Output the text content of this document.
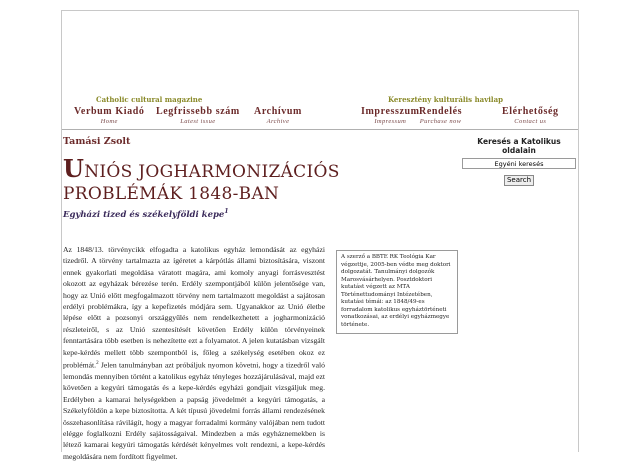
Catholic cultural magazine	Keresztény kulturális havilap
Verbum Kiadó
Home
Legfrissebb szám
Latest issue
Archívum
Archive
Impresszum
Impressum
Rendelés
Purchase now
Elérhetőség
Contact us
Tamási Zsolt
UNIÓS JOGHARMONIZÁCIÓS
PROBLÉMÁK 1848-BAN
Egyházi tized és székelyföldi kepe$^1$
Keresés a Katolikus oldalain
Egyéni keresés Search
A szerző a BBTE RK Teológia Kar végzettje, 2005-ben védte meg doktori dolgozatát. Tanulmányi dolgozók Marosvásárhelyen. Posztdoktori kutatást végzett az MTA Történettudományi Intézetében, kutatási témái: az 1848/49-es forradalom katolikus egyháztörténeti vonatkozásai, az erdélyi egyházmegye története.
Az 1848/13. törvénycikk elfogadta a katolikus egyház lemondását az egyházi tizedről. A törvény tartalmazta az ígéretet a kárpótlás állami biztosítására, viszont ennek gyakorlati megoldása váratott magára, ami komoly anyagi forrásvesztést okozott az egyházak bérezése terén. Erdély szempontjából külön jelentősége van, hogy az Unió előtt megfogalmazott törvény nem tartalmazott megoldást a sajátosan erdélyi problémákra, így a kepefizetés módjára sem. Ugyanakkor az Unió életbe lépése előtt a pozsonyi országgyűlés nem rendelkezhetett a jogharmonizáció részleteiről, s az Unió szentesítését követően Erdély külön törvényeinek fenntartására több esetben is nehezítette ezt a folyamatot. A jelen kutatásban vizsgált kepe-kérdés mellett több szempontból is, főleg a székelység esetében okoz ez problémát.$^2$ Jelen tanulmányban azt próbáljuk nyomon követni, hogy a tizedről való lemondás mennyiben történt a katolikus egyház tényleges hozzájárulásával, majd ezt követően a kegyúri támogatás és a kepe-kérdés egyházi gondjait vizsgáljuk meg. Erdélyben a kamarai helységekben a papság jövedelmét a kegyúri támogatás, a Székelyföldön a kepe biztosította. A két típusú jövedelmi forrás állami rendezésének összehasonlítása rávilágít, hogy a magyar forradalmi kormány valójában nem tudott elégge foglalkozni Erdély sajátosságaival. Mindezben a más egyháznemekben is létező kamarai kegyúri támogatás kérdését kényelmes volt rendezni, a kepe-kérdés megoldására nem fordított figyelmet.
